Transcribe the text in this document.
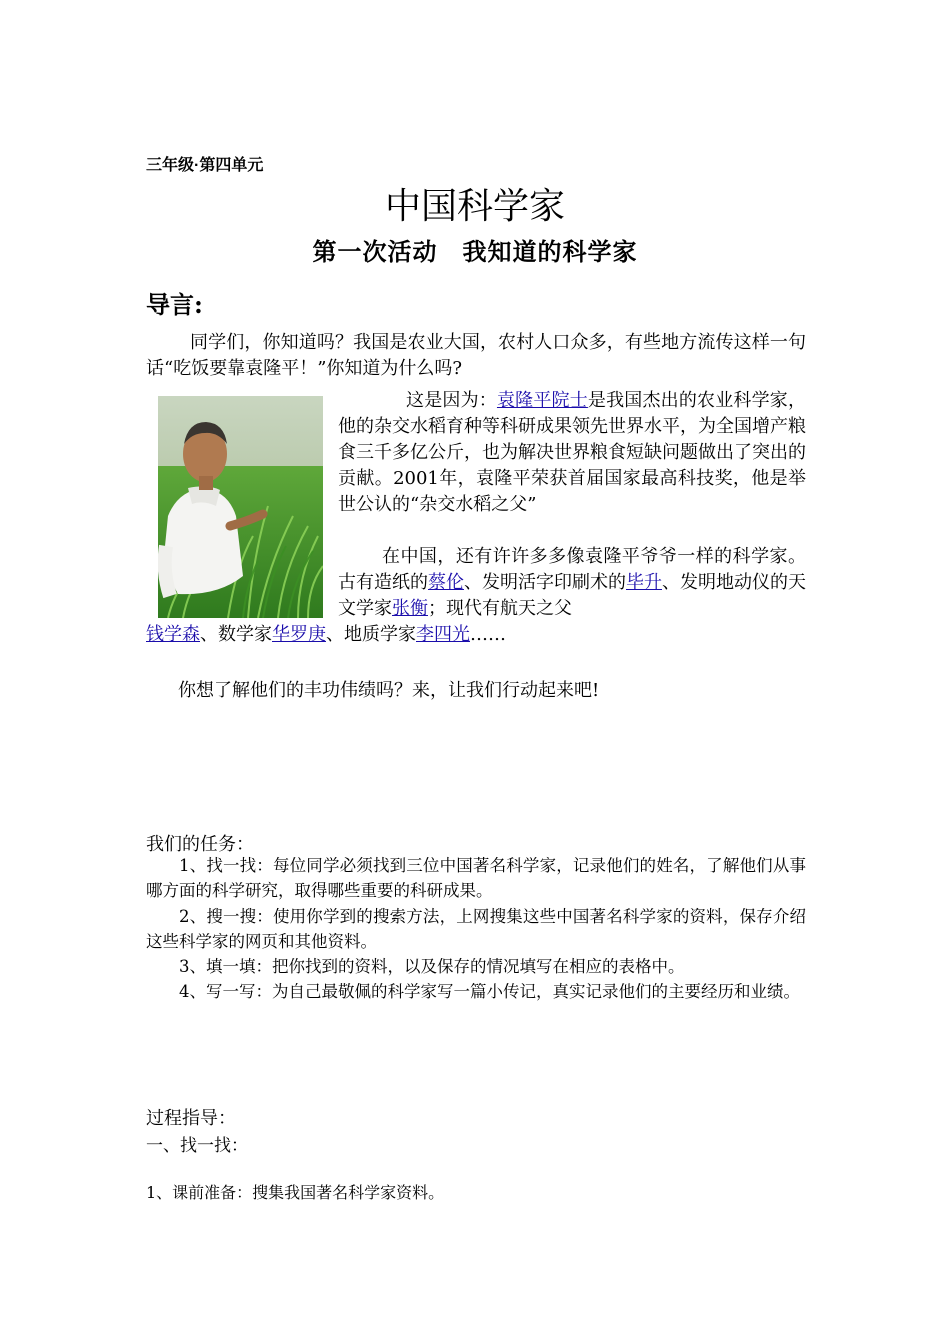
三年级·第四单元
中国科学家
第一次活动　我知道的科学家
导言:
同学们，你知道吗？我国是农业大国，农村人口众多，有些地方流传这样一句话“吃饭要靠袁隆平！”你知道为什么吗?
这是因为：袁隆平院士是我国杰出的农业科学家，他的杂交水稻育种等科研成果领先世界水平，为全国增产粮食三千多亿公斤，也为解决世界粮食短缺问题做出了突出的贡献。2001年，袁隆平荣获首届国家最高科技奖，他是举世公认的“杂交水稻之父”
在中国，还有许许多多像袁隆平爷爷一样的科学家。古有造纸的蔡伦、发明活字印刷术的毕升、发明地动仪的天文学家张衡；现代有航天之父
钱学森、数学家华罗庚、地质学家李四光……
你想了解他们的丰功伟绩吗？来，让我们行动起来吧!
我们的任务：
1、找一找：每位同学必须找到三位中国著名科学家，记录他们的姓名，了解他们从事哪方面的科学研究，取得哪些重要的科研成果。
2、搜一搜：使用你学到的搜索方法，上网搜集这些中国著名科学家的资料，保存介绍这些科学家的网页和其他资料。
3、填一填：把你找到的资料，以及保存的情况填写在相应的表格中。
4、写一写：为自己最敬佩的科学家写一篇小传记，真实记录他们的主要经历和业绩。
过程指导：
一、找一找：
1、课前准备：搜集我国著名科学家资料。
